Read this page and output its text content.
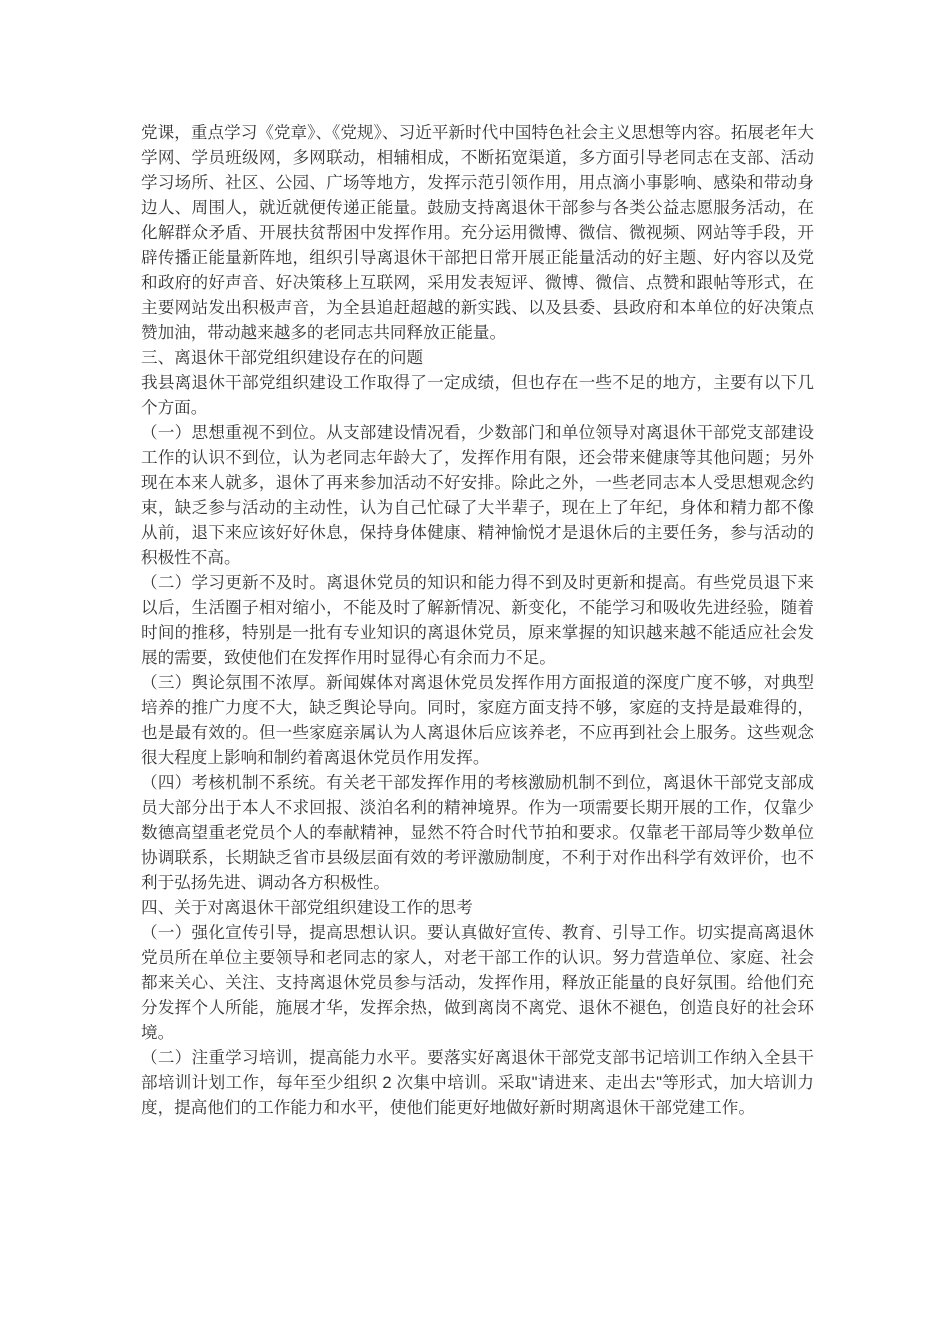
党课，重点学习《党章》、《党规》、习近平新时代中国特色社会主义思想等内容。拓展老年大学网、学员班级网，多网联动，相辅相成，不断拓宽渠道，多方面引导老同志在支部、活动学习场所、社区、公园、广场等地方，发挥示范引领作用，用点滴小事影响、感染和带动身边人、周围人，就近就便传递正能量。鼓励支持离退休干部参与各类公益志愿服务活动，在化解群众矛盾、开展扶贫帮困中发挥作用。充分运用微博、微信、微视频、网站等手段，开辟传播正能量新阵地，组织引导离退休干部把日常开展正能量活动的好主题、好内容以及党和政府的好声音、好决策移上互联网，采用发表短评、微博、微信、点赞和跟帖等形式，在主要网站发出积极声音，为全县追赶超越的新实践、以及县委、县政府和本单位的好决策点赞加油，带动越来越多的老同志共同释放正能量。

三、离退休干部党组织建设存在的问题

我县离退休干部党组织建设工作取得了一定成绩，但也存在一些不足的地方，主要有以下几个方面。

（一）思想重视不到位。从支部建设情况看，少数部门和单位领导对离退休干部党支部建设工作的认识不到位，认为老同志年龄大了，发挥作用有限，还会带来健康等其他问题；另外现在本来人就多，退休了再来参加活动不好安排。除此之外，一些老同志本人受思想观念约束，缺乏参与活动的主动性，认为自己忙碌了大半辈子，现在上了年纪，身体和精力都不像从前，退下来应该好好休息，保持身体健康、精神愉悦才是退休后的主要任务，参与活动的积极性不高。

（二）学习更新不及时。离退休党员的知识和能力得不到及时更新和提高。有些党员退下来以后，生活圈子相对缩小，不能及时了解新情况、新变化，不能学习和吸收先进经验，随着时间的推移，特别是一批有专业知识的离退休党员，原来掌握的知识越来越不能适应社会发展的需要，致使他们在发挥作用时显得心有余而力不足。

（三）舆论氛围不浓厚。新闻媒体对离退休党员发挥作用方面报道的深度广度不够，对典型培养的推广力度不大，缺乏舆论导向。同时，家庭方面支持不够，家庭的支持是最难得的，也是最有效的。但一些家庭亲属认为人离退休后应该养老，不应再到社会上服务。这些观念很大程度上影响和制约着离退休党员作用发挥。

（四）考核机制不系统。有关老干部发挥作用的考核激励机制不到位，离退休干部党支部成员大部分出于本人不求回报、淡泊名利的精神境界。作为一项需要长期开展的工作，仅靠少数德高望重老党员个人的奉献精神，显然不符合时代节拍和要求。仅靠老干部局等少数单位协调联系，长期缺乏省市县级层面有效的考评激励制度，不利于对作出科学有效评价，也不利于弘扬先进、调动各方积极性。

四、关于对离退休干部党组织建设工作的思考

（一）强化宣传引导，提高思想认识。要认真做好宣传、教育、引导工作。切实提高离退休党员所在单位主要领导和老同志的家人，对老干部工作的认识。努力营造单位、家庭、社会都来关心、关注、支持离退休党员参与活动，发挥作用，释放正能量的良好氛围。给他们充分发挥个人所能，施展才华，发挥余热，做到离岗不离党、退休不褪色，创造良好的社会环境。

（二）注重学习培训，提高能力水平。要落实好离退休干部党支部书记培训工作纳入全县干部培训计划工作，每年至少组织 2 次集中培训。采取"请进来、走出去"等形式，加大培训力度，提高他们的工作能力和水平，使他们能更好地做好新时期离退休干部党建工作。
